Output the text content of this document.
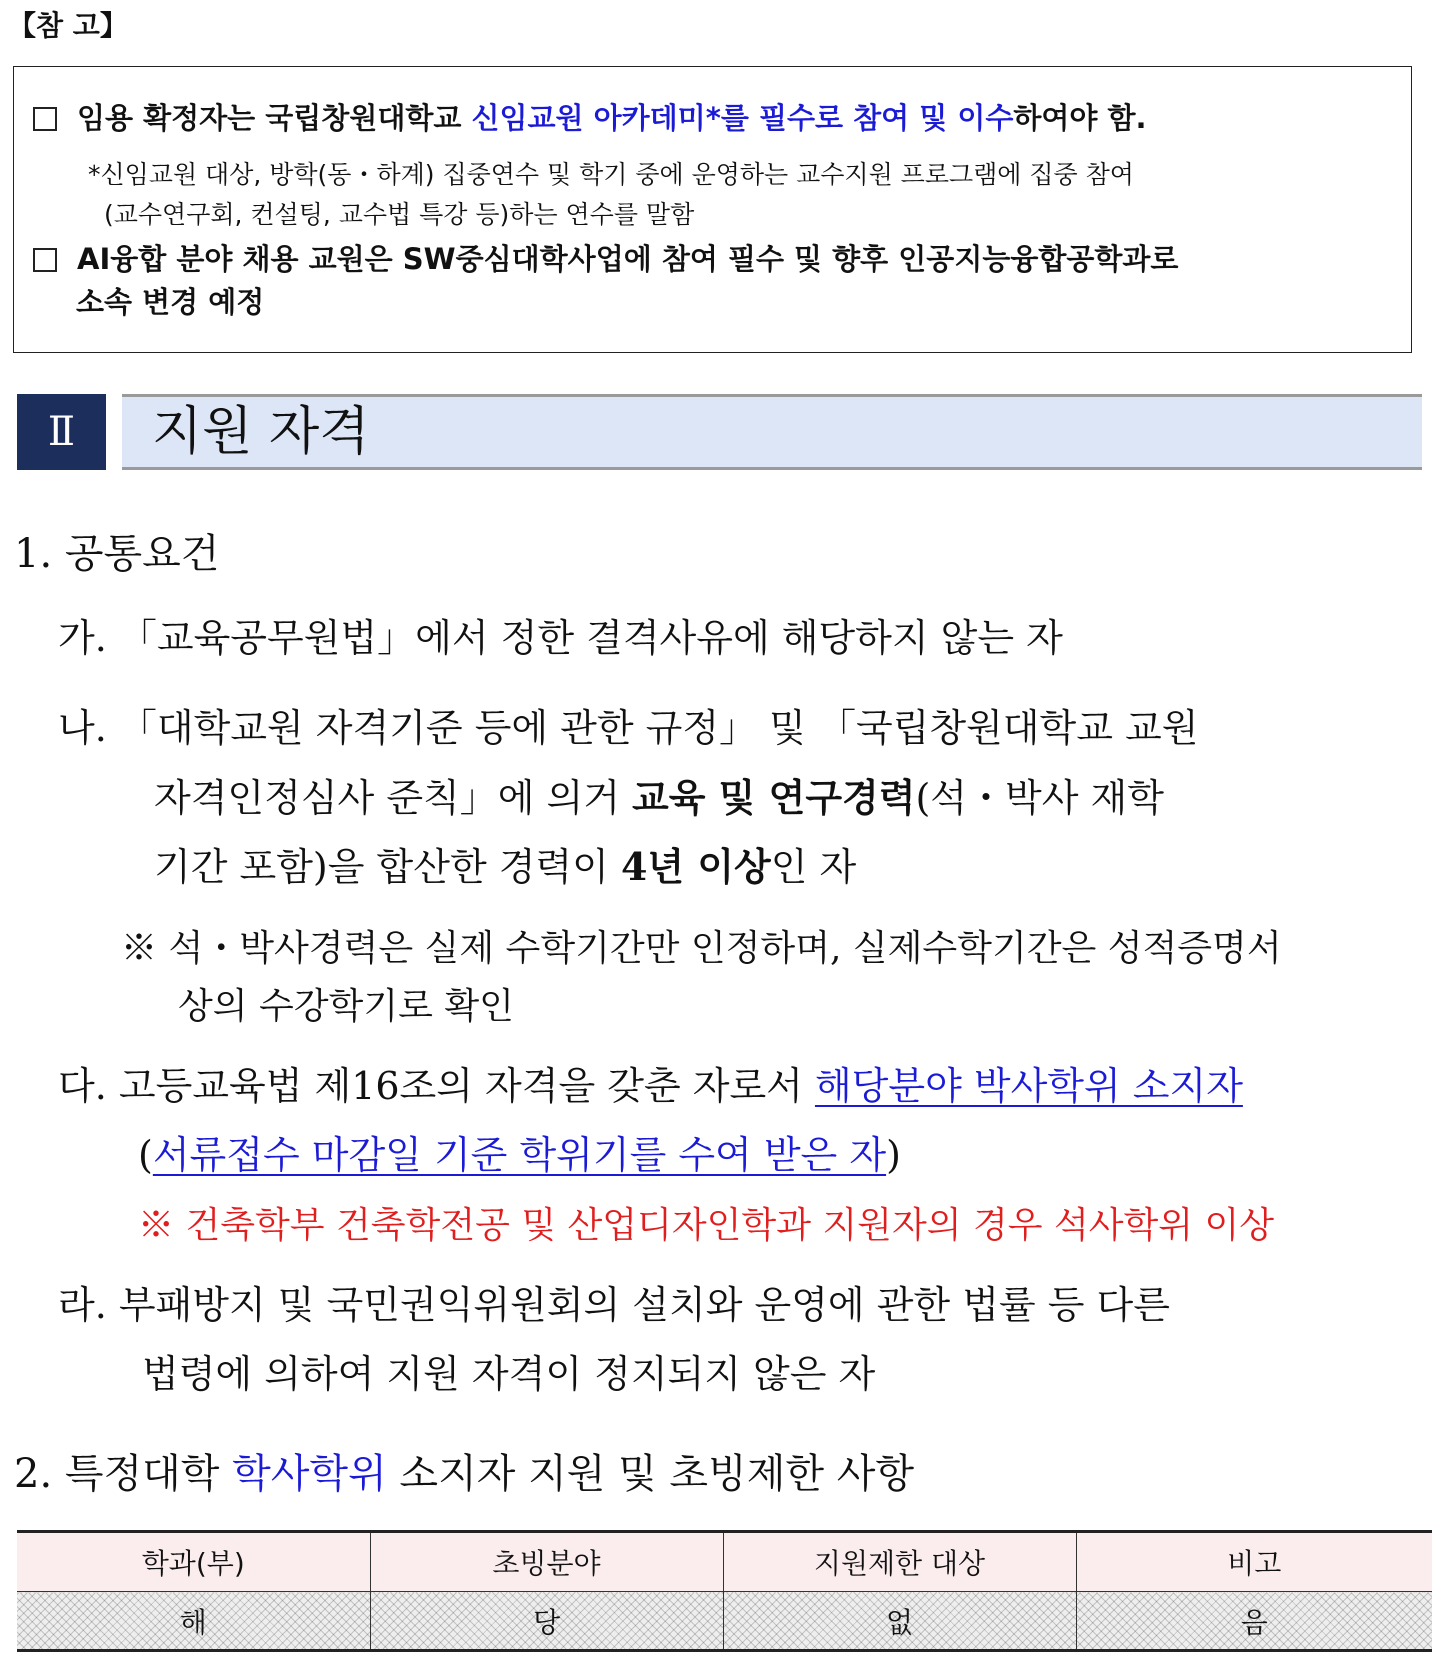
【참 고】
임용 확정자는 국립창원대학교 신임교원 아카데미*를 필수로 참여 및 이수하여야 함.
*신임교원 대상, 방학(동・하계) 집중연수 및 학기 중에 운영하는 교수지원 프로그램에 집중 참여
(교수연구회, 컨설팅, 교수법 특강 등)하는 연수를 말함
AI융합 분야 채용 교원은 SW중심대학사업에 참여 필수 및 향후 인공지능융합공학과로
소속 변경 예정
Ⅱ	지원 자격
1. 공통요건
가. 「교육공무원법」에서 정한 결격사유에 해당하지 않는 자
나. 「대학교원 자격기준 등에 관한 규정」 및 「국립창원대학교 교원
자격인정심사 준칙」에 의거 교육 및 연구경력(석・박사 재학
기간 포함)을 합산한 경력이 4년 이상인 자
※ 석・박사경력은 실제 수학기간만 인정하며, 실제수학기간은 성적증명서
상의 수강학기로 확인
다. 고등교육법 제16조의 자격을 갖춘 자로서 해당분야 박사학위 소지자
(서류접수 마감일 기준 학위기를 수여 받은 자)
※ 건축학부 건축학전공 및 산업디자인학과 지원자의 경우 석사학위 이상
라. 부패방지 및 국민권익위원회의 설치와 운영에 관한 법률 등 다른
법령에 의하여 지원 자격이 정지되지 않은 자
2. 특정대학 학사학위 소지자 지원 및 초빙제한 사항
학과(부)	초빙분야	지원제한 대상	비고
해	당	없	음
